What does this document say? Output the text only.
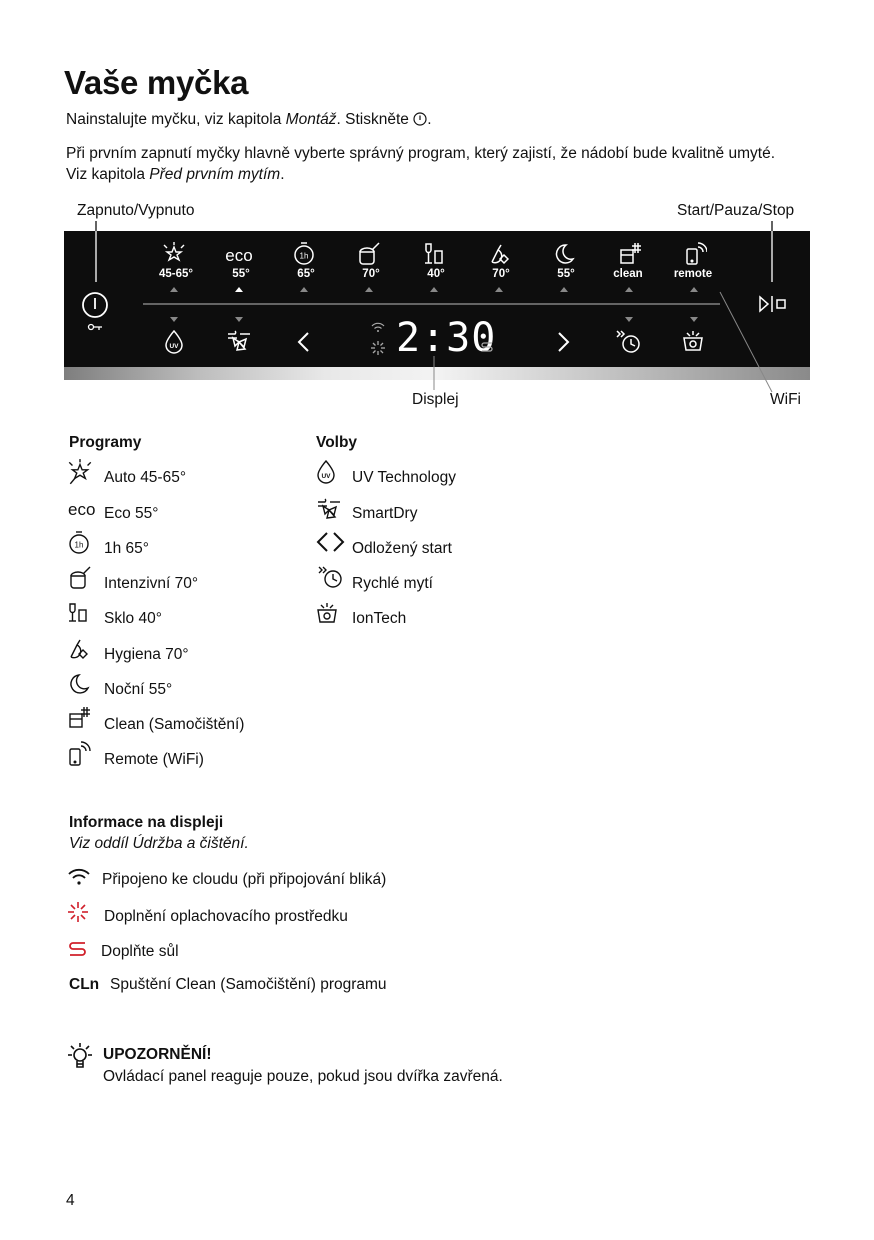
Vaše myčka
Nainstalujte myčku, viz kapitola Montáž. Stiskněte .
Při prvním zapnutí myčky hlavně vyberte správný program, který zajistí, že nádobí bude kvalitně umyté.
Viz kapitola Před prvním mytím.
Zapnuto/Vypnuto	Start/Pauza/Stop
eco	1h
45-65°	55°	65°	70°	40°	70°	55°	clean	remote
UV	2:30
Displej	WiFi
Programy
Auto 45-65°
eco Eco 55°
1h 1h 65°
Intenzivní 70°
Sklo 40°
Hygiena 70°
Noční 55°
Clean (Samočištění)
Remote (WiFi)
Volby
UV UV Technology
SmartDry
Odložený start
Rychlé mytí
IonTech
Informace na displeji
Viz oddíl Údržba a čištění.
Připojeno ke cloudu (při připojování bliká)
Doplnění oplachovacího prostředku
Doplňte sůl
CLn Spuštění Clean (Samočištění) programu
UPOZORNĚNÍ!
Ovládací panel reaguje pouze, pokud jsou dvířka zavřená.
4
